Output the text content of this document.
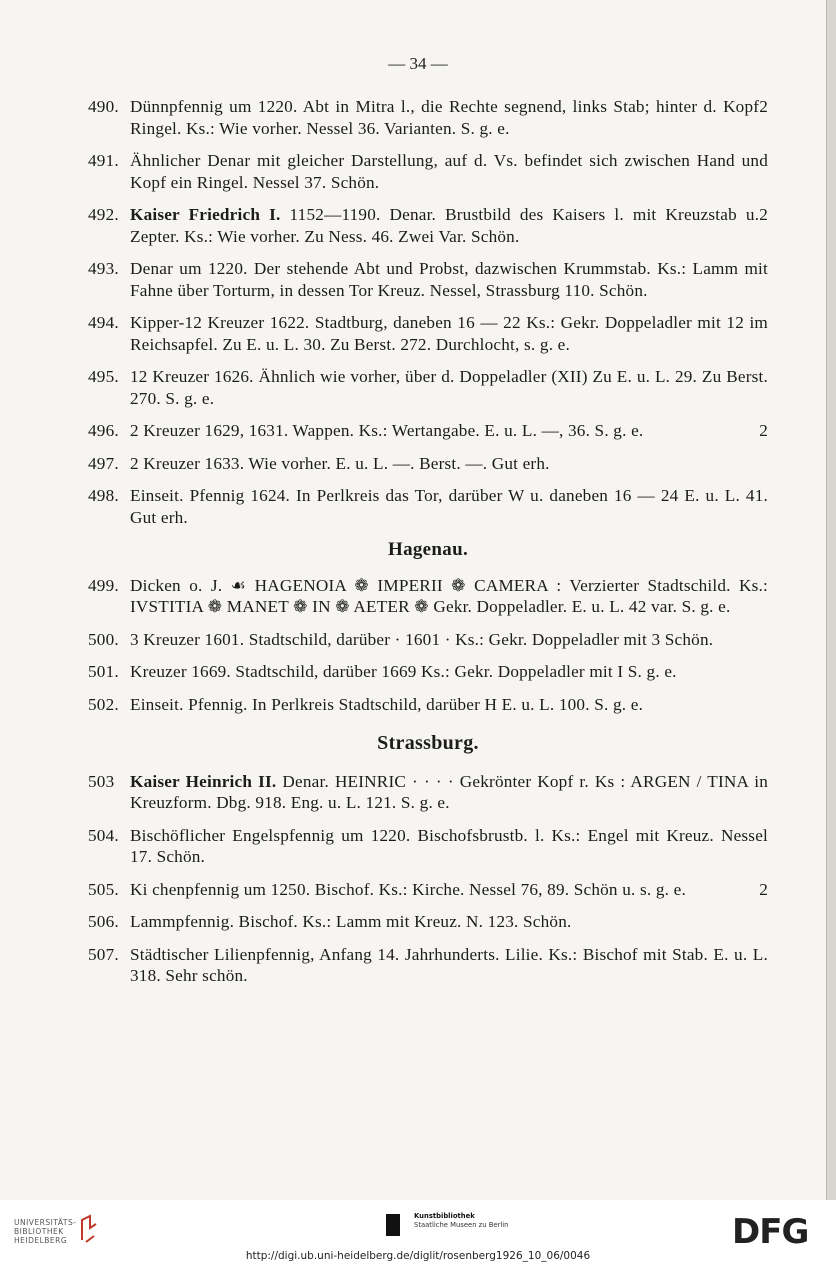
— 34 —
490.	2
Dünnpfennig um 1220. Abt in Mitra l., die Rechte segnend, links Stab; hinter d. Kopf Ringel. Ks.: Wie vorher. Nessel 36. Varianten. S. g. e.
491. Ähnlicher Denar mit gleicher Darstellung, auf d. Vs. befindet sich zwischen Hand und Kopf ein Ringel. Nessel 37. Schön.
492.	2
Kaiser Friedrich I. 1152—1190. Denar. Brustbild des Kaisers l. mit Kreuzstab u. Zepter. Ks.: Wie vorher. Zu Ness. 46. Zwei Var. Schön.
493. Denar um 1220. Der stehende Abt und Probst, dazwischen Krummstab. Ks.: Lamm mit Fahne über Torturm, in dessen Tor Kreuz. Nessel, Strassburg 110. Schön.
494. Kipper-12 Kreuzer 1622. Stadtburg, daneben 16 — 22 Ks.: Gekr. Doppeladler mit 12 im Reichsapfel. Zu E. u. L. 30. Zu Berst. 272. Durchlocht, s. g. e.
495. 12 Kreuzer 1626. Ähnlich wie vorher, über d. Doppeladler (XII) Zu E. u. L. 29. Zu Berst. 270. S. g. e.
496.	2
2 Kreuzer 1629, 1631. Wappen. Ks.: Wertangabe. E. u. L. —, 36. S. g. e.
497. 2 Kreuzer 1633. Wie vorher. E. u. L. —. Berst. —. Gut erh.
498. Einseit. Pfennig 1624. In Perlkreis das Tor, darüber W u. daneben 16 — 24 E. u. L. 41. Gut erh.
Hagenau.
499. Dicken o. J. ☙ HAGENOIA ❁ IMPERII ❁ CAMERA : Verzierter Stadtschild. Ks.: IVSTITIA ❁ MANET ❁ IN ❁ AETER ❁ Gekr. Doppeladler. E. u. L. 42 var. S. g. e.
500. 3 Kreuzer 1601. Stadtschild, darüber · 1601 · Ks.: Gekr. Doppeladler mit 3 Schön.
501. Kreuzer 1669. Stadtschild, darüber 1669 Ks.: Gekr. Doppeladler mit I S. g. e.
502. Einseit. Pfennig. In Perlkreis Stadtschild, darüber H E. u. L. 100. S. g. e.
Strassburg.
503 Kaiser Heinrich II. Denar. HEINRIC · · · · Gekrönter Kopf r. Ks : ARGEN / TINA in Kreuzform. Dbg. 918. Eng. u. L. 121. S. g. e.
504. Bischöflicher Engelspfennig um 1220. Bischofsbrustb. l. Ks.: Engel mit Kreuz. Nessel 17. Schön.
505.	2
Ki chenpfennig um 1250. Bischof. Ks.: Kirche. Nessel 76, 89. Schön u. s. g. e.
506. Lammpfennig. Bischof. Ks.: Lamm mit Kreuz. N. 123. Schön.
507. Städtischer Lilienpfennig, Anfang 14. Jahrhunderts. Lilie. Ks.: Bischof mit Stab. E. u. L. 318. Sehr schön.
UNIVERSITÄTS-
BIBLIOTHEK
HEIDELBERG
Kunstbibliothek
Staatliche Museen zu Berlin	DFG
http://digi.ub.uni-heidelberg.de/diglit/rosenberg1926_10_06/0046
